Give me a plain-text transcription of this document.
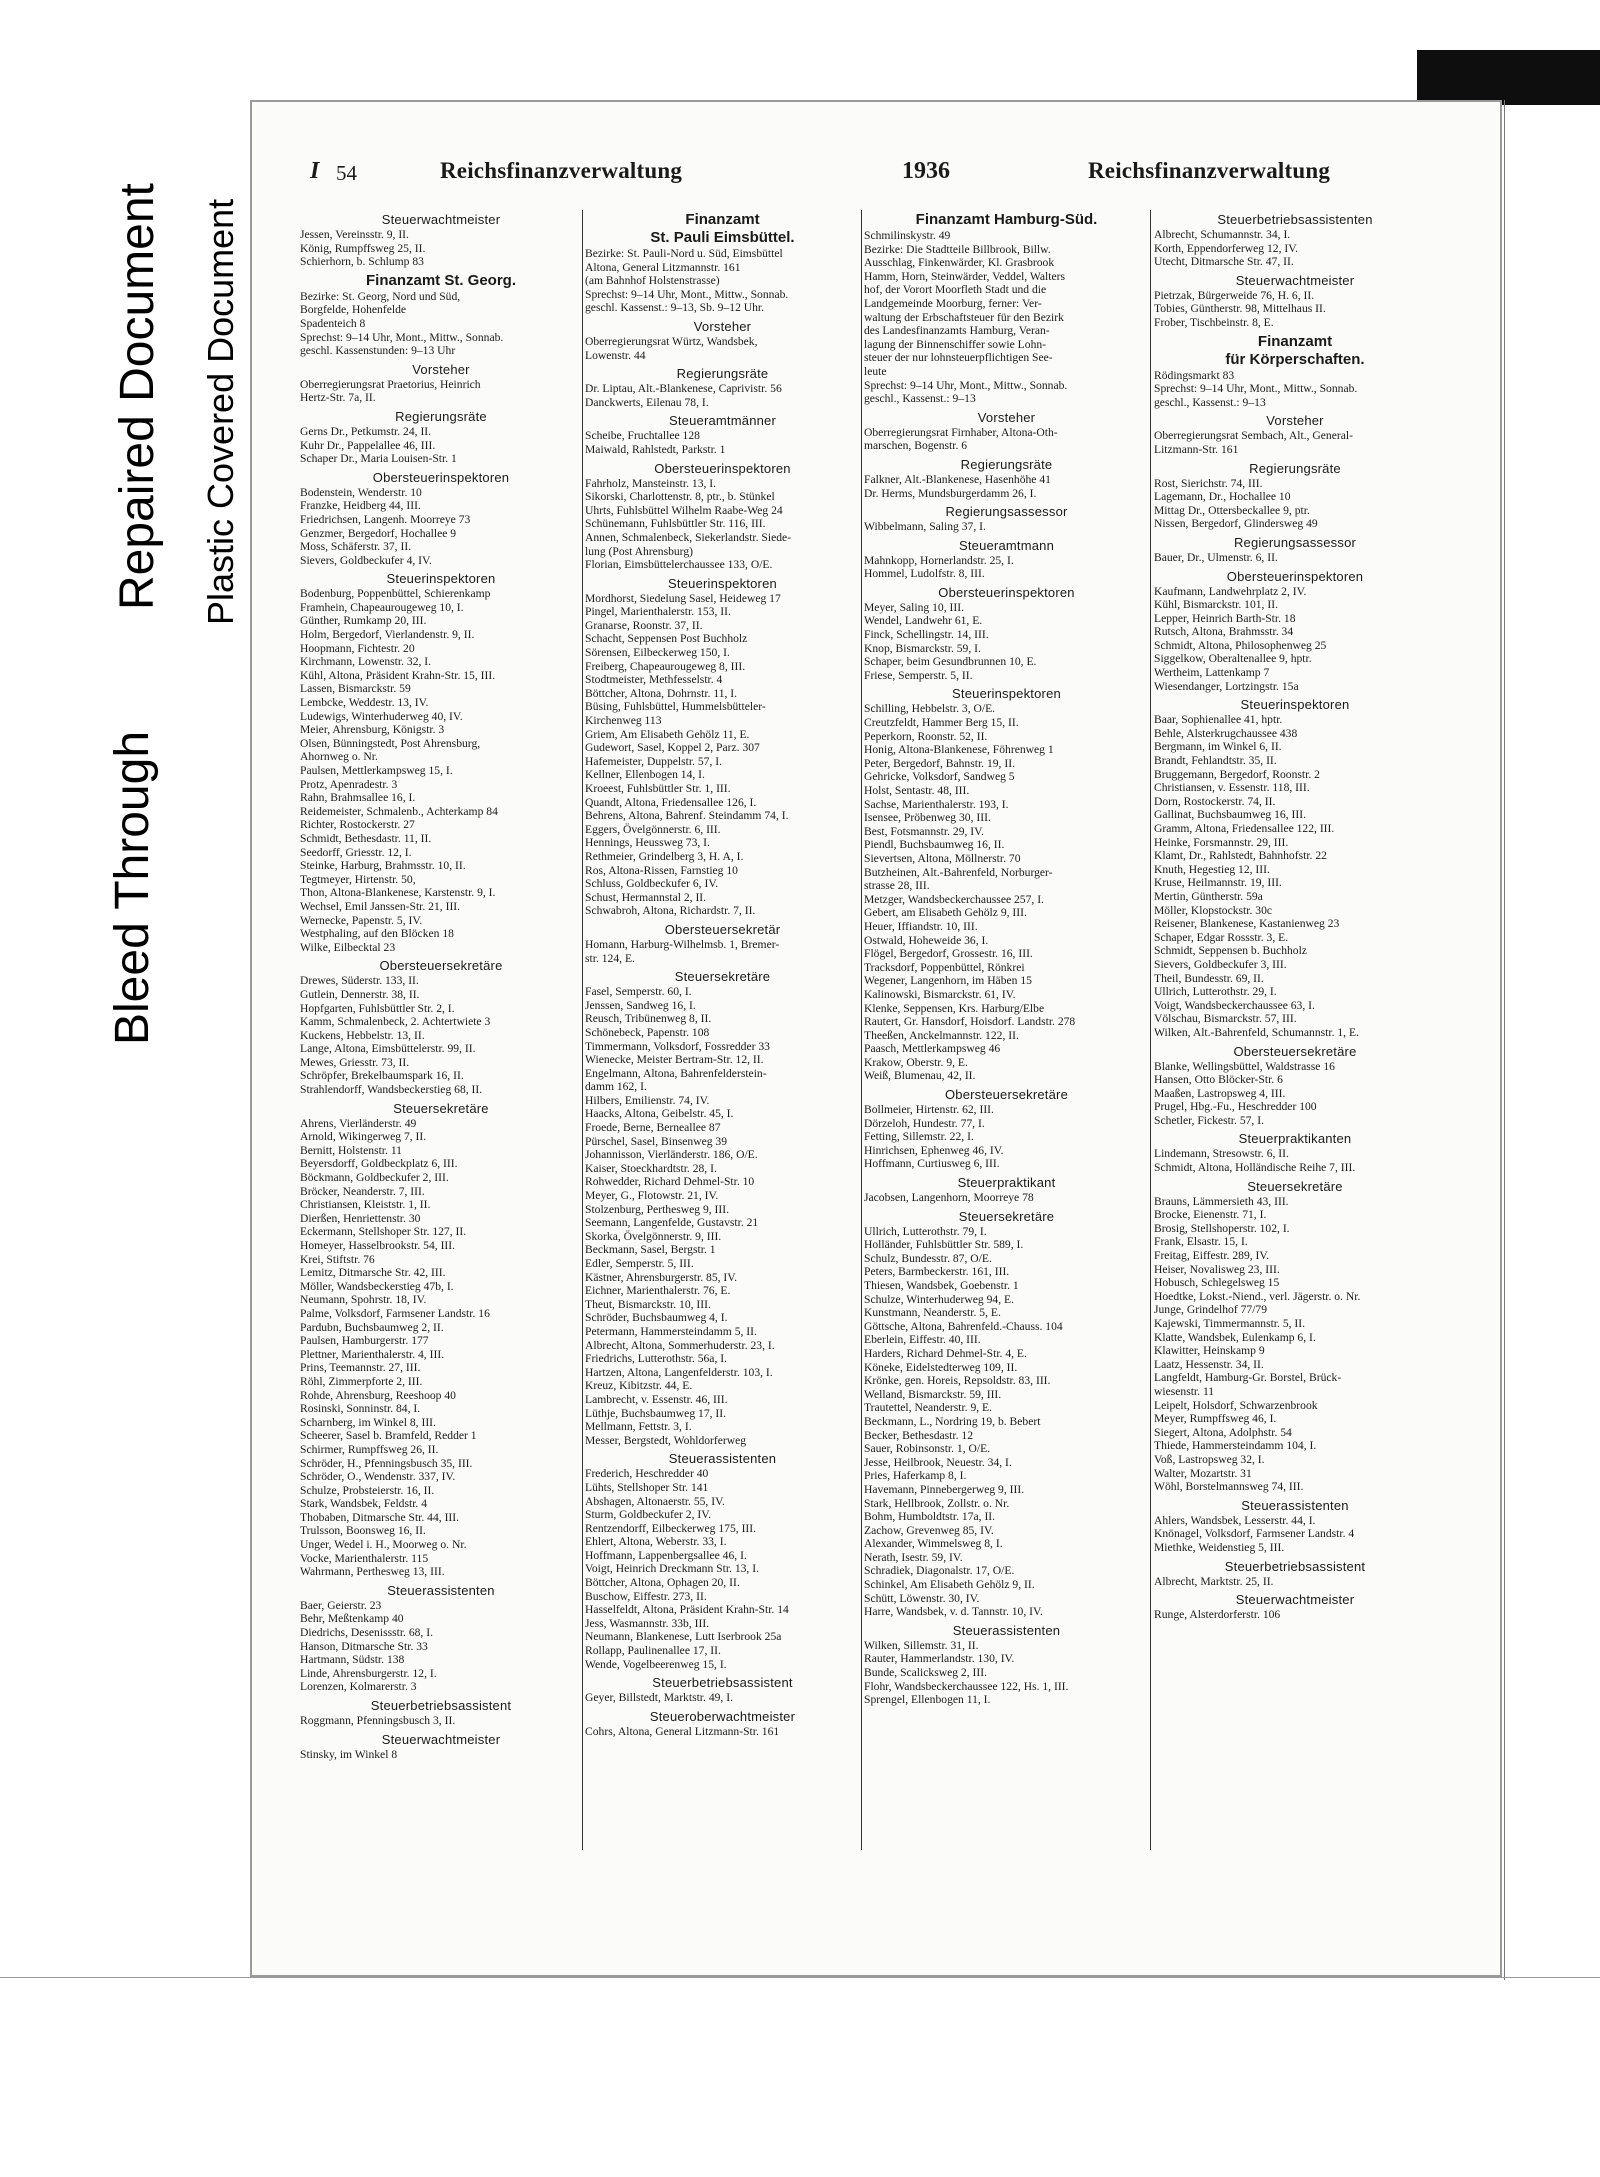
Bleed Through
Repaired Document Plastic Covered Document
I 54	Reichsfinanzverwaltung	1936	Reichsfinanzverwaltung
Steuerwachtmeister
Jessen, Vereinsstr. 9, II.
König, Rumpffsweg 25, II.
Schierhorn, b. Schlump 83
Finanzamt St. Georg.
Bezirke: St. Georg, Nord und Süd,
Borgfelde, Hohenfelde
Spadenteich 8
Sprechst: 9–14 Uhr, Mont., Mittw., Sonnab.
geschl. Kassenstunden: 9–13 Uhr
Vorsteher
Oberregierungsrat Praetorius, Heinrich
Hertz-Str. 7a, II.
Regierungsräte
Gerns Dr., Petkumstr. 24, II.
Kuhr Dr., Pappelallee 46, III.
Schaper Dr., Maria Louisen-Str. 1
Obersteuerinspektoren
Bodenstein, Wenderstr. 10
Franzke, Heidberg 44, III.
Friedrichsen, Langenh. Moorreye 73
Genzmer, Bergedorf, Hochallee 9
Moss, Schäferstr. 37, II.
Sievers, Goldbeckufer 4, IV.
Steuerinspektoren
Bodenburg, Poppenbüttel, Schierenkamp
Framhein, Chapeaurougeweg 10, I.
Günther, Rumkamp 20, III.
Holm, Bergedorf, Vierlandenstr. 9, II.
Hoopmann, Fichtestr. 20
Kirchmann, Lowenstr. 32, I.
Kühl, Altona, Präsident Krahn-Str. 15, III.
Lassen, Bismarckstr. 59
Lembcke, Weddestr. 13, IV.
Ludewigs, Winterhuderweg 40, IV.
Meier, Ahrensburg, Königstr. 3
Olsen, Bünningstedt, Post Ahrensburg,
Ahornweg o. Nr.
Paulsen, Mettlerkampsweg 15, I.
Protz, Apenradestr. 3
Rahn, Brahmsallee 16, I.
Reidemeister, Schmalenb., Achterkamp 84
Richter, Rostockerstr. 27
Schmidt, Bethesdastr. 11, II.
Seedorff, Griesstr. 12, I.
Steinke, Harburg, Brahmsstr. 10, II.
Tegtmeyer, Hirtenstr. 50,
Thon, Altona-Blankenese, Karstenstr. 9, I.
Wechsel, Emil Janssen-Str. 21, III.
Wernecke, Papenstr. 5, IV.
Westphaling, auf den Blöcken 18
Wilke, Eilbecktal 23
Obersteuersekretäre
Drewes, Süderstr. 133, II.
Gutlein, Dennerstr. 38, II.
Hopfgarten, Fuhlsbüttler Str. 2, I.
Kamm, Schmalenbeck, 2. Achtertwiete 3
Kuckens, Hebbelstr. 13, II.
Lange, Altona, Eimsbüttelerstr. 99, II.
Mewes, Griesstr. 73, II.
Schröpfer, Brekelbaumspark 16, II.
Strahlendorff, Wandsbeckerstieg 68, II.
Steuersekretäre
Ahrens, Vierländerstr. 49
Arnold, Wikingerweg 7, II.
Bernitt, Holstenstr. 11
Beyersdorff, Goldbeckplatz 6, III.
Böckmann, Goldbeckufer 2, III.
Bröcker, Neanderstr. 7, III.
Christiansen, Kleiststr. 1, II.
Dierßen, Henriettenstr. 30
Eckermann, Stellshoper Str. 127, II.
Homeyer, Hasselbrookstr. 54, III.
Krei, Stiftstr. 76
Lemitz, Ditmarsche Str. 42, III.
Möller, Wandsbeckerstieg 47b, I.
Neumann, Spohrstr. 18, IV.
Palme, Volksdorf, Farmsener Landstr. 16
Pardubn, Buchsbaumweg 2, II.
Paulsen, Hamburgerstr. 177
Plettner, Marienthalerstr. 4, III.
Prins, Teemannstr. 27, III.
Röhl, Zimmerpforte 2, III.
Rohde, Ahrensburg, Reeshoop 40
Rosinski, Sonninstr. 84, I.
Scharnberg, im Winkel 8, III.
Scheerer, Sasel b. Bramfeld, Redder 1
Schirmer, Rumpffsweg 26, II.
Schröder, H., Pfenningsbusch 35, III.
Schröder, O., Wendenstr. 337, IV.
Schulze, Probsteierstr. 16, II.
Stark, Wandsbek, Feldstr. 4
Thobaben, Ditmarsche Str. 44, III.
Trulsson, Boonsweg 16, II.
Unger, Wedel i. H., Moorweg o. Nr.
Vocke, Marienthalerstr. 115
Wahrmann, Perthesweg 13, III.
Steuerassistenten
Baer, Geierstr. 23
Behr, Meßtenkamp 40
Diedrichs, Desenissstr. 68, I.
Hanson, Ditmarsche Str. 33
Hartmann, Südstr. 138
Linde, Ahrensburgerstr. 12, I.
Lorenzen, Kolmarerstr. 3
Steuerbetriebsassistent
Roggmann, Pfenningsbusch 3, II.
Steuerwachtmeister
Stinsky, im Winkel 8
Finanzamt
St. Pauli Eimsbüttel.
Bezirke: St. Pauli-Nord u. Süd, Eimsbüttel
Altona, General Litzmannstr. 161
(am Bahnhof Holstenstrasse)
Sprechst: 9–14 Uhr, Mont., Mittw., Sonnab.
geschl. Kassenst.: 9–13, Sb. 9–12 Uhr.
Vorsteher
Oberregierungsrat Würtz, Wandsbek,
Lowenstr. 44
Regierungsräte
Dr. Liptau, Alt.-Blankenese, Caprivistr. 56
Danckwerts, Eilenau 78, I.
Steueramtmänner
Scheibe, Fruchtallee 128
Maiwald, Rahlstedt, Parkstr. 1
Obersteuerinspektoren
Fahrholz, Mansteinstr. 13, I.
Sikorski, Charlottenstr. 8, ptr., b. Stünkel
Uhrts, Fuhlsbüttel Wilhelm Raabe-Weg 24
Schünemann, Fuhlsbüttler Str. 116, III.
Annen, Schmalenbeck, Siekerlandstr. Siede-
lung (Post Ahrensburg)
Florian, Eimsbüttelerchaussee 133, O/E.
Steuerinspektoren
Mordhorst, Siedelung Sasel, Heideweg 17
Pingel, Marienthalerstr. 153, II.
Granarse, Roonstr. 37, II.
Schacht, Seppensen Post Buchholz
Sörensen, Eilbeckerweg 150, I.
Freiberg, Chapeaurougeweg 8, III.
Stodtmeister, Methfesselstr. 4
Böttcher, Altona, Dohrnstr. 11, I.
Büsing, Fuhlsbüttel, Hummelsbütteler-
Kirchenweg 113
Griem, Am Elisabeth Gehölz 11, E.
Gudewort, Sasel, Koppel 2, Parz. 307
Hafemeister, Duppelstr. 57, I.
Kellner, Ellenbogen 14, I.
Kroeest, Fuhlsbüttler Str. 1, III.
Quandt, Altona, Friedensallee 126, I.
Behrens, Altona, Bahrenf. Steindamm 74, I.
Eggers, Övelgönnerstr. 6, III.
Hennings, Heussweg 73, I.
Rethmeier, Grindelberg 3, H. A, I.
Ros, Altona-Rissen, Farnstieg 10
Schluss, Goldbeckufer 6, IV.
Schust, Hermannstal 2, II.
Schwabroh, Altona, Richardstr. 7, II.
Obersteuersekretär
Homann, Harburg-Wilhelmsb. 1, Bremer-
str. 124, E.
Steuersekretäre
Fasel, Semperstr. 60, I.
Jenssen, Sandweg 16, I.
Reusch, Tribünenweg 8, II.
Schönebeck, Papenstr. 108
Timmermann, Volksdorf, Fossredder 33
Wienecke, Meister Bertram-Str. 12, II.
Engelmann, Altona, Bahrenfelderstein-
damm 162, I.
Hilbers, Emilienstr. 74, IV.
Haacks, Altona, Geibelstr. 45, I.
Froede, Berne, Berneallee 87
Pürschel, Sasel, Binsenweg 39
Johannisson, Vierländerstr. 186, O/E.
Kaiser, Stoeckhardtstr. 28, I.
Rohwedder, Richard Dehmel-Str. 10
Meyer, G., Flotowstr. 21, IV.
Stolzenburg, Perthesweg 9, III.
Seemann, Langenfelde, Gustavstr. 21
Skorka, Övelgönnerstr. 9, III.
Beckmann, Sasel, Bergstr. 1
Edler, Semperstr. 5, III.
Kästner, Ahrensburgerstr. 85, IV.
Eichner, Marienthalerstr. 76, E.
Theut, Bismarckstr. 10, III.
Schröder, Buchsbaumweg 4, I.
Petermann, Hammersteindamm 5, II.
Albrecht, Altona, Sommerhuderstr. 23, I.
Friedrichs, Lutterothstr. 56a, I.
Hartzen, Altona, Langenfelderstr. 103, I.
Kreuz, Kibitzstr. 44, E.
Lambrecht, v. Essenstr. 46, III.
Lüthje, Buchsbaumweg 17, II.
Mellmann, Fettstr. 3, I.
Messer, Bergstedt, Wohldorferweg
Steuerassistenten
Frederich, Heschredder 40
Lühts, Stellshoper Str. 141
Abshagen, Altonaerstr. 55, IV.
Sturm, Goldbeckufer 2, IV.
Rentzendorff, Eilbeckerweg 175, III.
Ehlert, Altona, Weberstr. 33, I.
Hoffmann, Lappenbergsallee 46, I.
Voigt, Heinrich Dreckmann Str. 13, I.
Böttcher, Altona, Ophagen 20, II.
Buschow, Eiffestr. 273, II.
Hasselfeldt, Altona, Präsident Krahn-Str. 14
Jess, Wasmannstr. 33b, III.
Neumann, Blankenese, Lutt Iserbrook 25a
Rollapp, Paulinenallee 17, II.
Wende, Vogelbeerenweg 15, I.
Steuerbetriebsassistent
Geyer, Billstedt, Marktstr. 49, I.
Steueroberwachtmeister
Cohrs, Altona, General Litzmann-Str. 161
Finanzamt Hamburg-Süd.
Schmilinskystr. 49
Bezirke: Die Stadtteile Billbrook, Billw.
Ausschlag, Finkenwärder, Kl. Grasbrook
Hamm, Horn, Steinwärder, Veddel, Walters
hof, der Vorort Moorfleth Stadt und die
Landgemeinde Moorburg, ferner: Ver-
waltung der Erbschaftsteuer für den Bezirk
des Landesfinanzamts Hamburg, Veran-
lagung der Binnenschiffer sowie Lohn-
steuer der nur lohnsteuerpflichtigen See-
leute
Sprechst: 9–14 Uhr, Mont., Mittw., Sonnab.
geschl., Kassenst.: 9–13
Vorsteher
Oberregierungsrat Firnhaber, Altona-Oth-
marschen, Bogenstr. 6
Regierungsräte
Falkner, Alt.-Blankenese, Hasenhöhe 41
Dr. Herms, Mundsburgerdamm 26, I.
Regierungsassessor
Wibbelmann, Saling 37, I.
Steueramtmann
Mahnkopp, Hornerlandstr. 25, I.
Hommel, Ludolfstr. 8, III.
Obersteuerinspektoren
Meyer, Saling 10, III.
Wendel, Landwehr 61, E.
Finck, Schellingstr. 14, III.
Knop, Bismarckstr. 59, I.
Schaper, beim Gesundbrunnen 10, E.
Friese, Semperstr. 5, II.
Steuerinspektoren
Schilling, Hebbelstr. 3, O/E.
Creutzfeldt, Hammer Berg 15, II.
Peperkorn, Roonstr. 52, II.
Honig, Altona-Blankenese, Föhrenweg 1
Peter, Bergedorf, Bahnstr. 19, II.
Gehricke, Volksdorf, Sandweg 5
Holst, Sentastr. 48, III.
Sachse, Marienthalerstr. 193, I.
Isensee, Pröbenweg 30, III.
Best, Fotsmannstr. 29, IV.
Piendl, Buchsbaumweg 16, II.
Sievertsen, Altona, Möllnerstr. 70
Butzheinen, Alt.-Bahrenfeld, Norburger-
strasse 28, III.
Metzger, Wandsbeckerchaussee 257, I.
Gebert, am Elisabeth Gehölz 9, III.
Heuer, Iffiandstr. 10, III.
Ostwald, Hoheweide 36, I.
Flögel, Bergedorf, Grossestr. 16, III.
Tracksdorf, Poppenbüttel, Rönkrei
Wegener, Langenhorn, im Häben 15
Kalinowski, Bismarckstr. 61, IV.
Klenke, Seppensen, Krs. Harburg/Elbe
Rautert, Gr. Hansdorf, Hoisdorf. Landstr. 278
Theeßen, Anckelmannstr. 122, II.
Paasch, Mettlerkampsweg 46
Krakow, Oberstr. 9, E.
Weiß, Blumenau, 42, II.
Obersteuersekretäre
Bollmeier, Hirtenstr. 62, III.
Dörzeloh, Hundestr. 77, I.
Fetting, Sillemstr. 22, I.
Hinrichsen, Ephenweg 46, IV.
Hoffmann, Curtiusweg 6, III.
Steuerpraktikant
Jacobsen, Langenhorn, Moorreye 78
Steuersekretäre
Ullrich, Lutterothstr. 79, I.
Holländer, Fuhlsbüttler Str. 589, I.
Schulz, Bundesstr. 87, O/E.
Peters, Barmbeckerstr. 161, III.
Thiesen, Wandsbek, Goebenstr. 1
Schulze, Winterhuderweg 94, E.
Kunstmann, Neanderstr. 5, E.
Göttsche, Altona, Bahrenfeld.-Chauss. 104
Eberlein, Eiffestr. 40, III.
Harders, Richard Dehmel-Str. 4, E.
Köneke, Eidelstedterweg 109, II.
Krönke, gen. Horeis, Repsoldstr. 83, III.
Welland, Bismarckstr. 59, III.
Trautettel, Neanderstr. 9, E.
Beckmann, L., Nordring 19, b. Bebert
Becker, Bethesdastr. 12
Sauer, Robinsonstr. 1, O/E.
Jesse, Heilbrook, Neuestr. 34, I.
Pries, Haferkamp 8, I.
Havemann, Pinnebergerweg 9, III.
Stark, Hellbrook, Zollstr. o. Nr.
Bohm, Humboldtstr. 17a, II.
Zachow, Grevenweg 85, IV.
Alexander, Wimmelsweg 8, I.
Nerath, Isestr. 59, IV.
Schradiek, Diagonalstr. 17, O/E.
Schinkel, Am Elisabeth Gehölz 9, II.
Schütt, Löwenstr. 30, IV.
Harre, Wandsbek, v. d. Tannstr. 10, IV.
Steuerassistenten
Wilken, Sillemstr. 31, II.
Rauter, Hammerlandstr. 130, IV.
Bunde, Scalicksweg 2, III.
Flohr, Wandsbeckerchaussee 122, Hs. 1, III.
Sprengel, Ellenbogen 11, I.
Steuerbetriebsassistenten
Albrecht, Schumannstr. 34, I.
Korth, Eppendorferweg 12, IV.
Utecht, Ditmarsche Str. 47, II.
Steuerwachtmeister
Pietrzak, Bürgerweide 76, H. 6, II.
Tobies, Güntherstr. 98, Mittelhaus II.
Frober, Tischbeinstr. 8, E.
Finanzamt
für Körperschaften.
Rödingsmarkt 83
Sprechst: 9–14 Uhr, Mont., Mittw., Sonnab.
geschl., Kassenst.: 9–13
Vorsteher
Oberregierungsrat Sembach, Alt., General-
Litzmann-Str. 161
Regierungsräte
Rost, Sierichstr. 74, III.
Lagemann, Dr., Hochallee 10
Mittag Dr., Ottersbeckallee 9, ptr.
Nissen, Bergedorf, Glindersweg 49
Regierungsassessor
Bauer, Dr., Ulmenstr. 6, II.
Obersteuerinspektoren
Kaufmann, Landwehrplatz 2, IV.
Kühl, Bismarckstr. 101, II.
Lepper, Heinrich Barth-Str. 18
Rutsch, Altona, Brahmsstr. 34
Schmidt, Altona, Philosophenweg 25
Siggelkow, Oberaltenallee 9, hptr.
Wertheim, Lattenkamp 7
Wiesendanger, Lortzingstr. 15a
Steuerinspektoren
Baar, Sophienallee 41, hptr.
Behle, Alsterkrugchaussee 438
Bergmann, im Winkel 6, II.
Brandt, Fehlandtstr. 35, II.
Bruggemann, Bergedorf, Roonstr. 2
Christiansen, v. Essenstr. 118, III.
Dorn, Rostockerstr. 74, II.
Gallinat, Buchsbaumweg 16, III.
Gramm, Altona, Friedensallee 122, III.
Heinke, Forsmannstr. 29, III.
Klamt, Dr., Rahlstedt, Bahnhofstr. 22
Knuth, Hegestieg 12, III.
Kruse, Heilmannstr. 19, III.
Mertin, Güntherstr. 59a
Möller, Klopstockstr. 30c
Reisener, Blankenese, Kastanienweg 23
Schaper, Edgar Rossstr. 3, E.
Schmidt, Seppensen b. Buchholz
Sievers, Goldbeckufer 3, III.
Theil, Bundesstr. 69, II.
Ullrich, Lutterothstr. 29, I.
Voigt, Wandsbeckerchaussee 63, I.
Völschau, Bismarckstr. 57, III.
Wilken, Alt.-Bahrenfeld, Schumannstr. 1, E.
Obersteuersekretäre
Blanke, Wellingsbüttel, Waldstrasse 16
Hansen, Otto Blöcker-Str. 6
Maaßen, Lastropsweg 4, III.
Prugel, Hbg.-Fu., Heschredder 100
Schetler, Fickestr. 57, I.
Steuerpraktikanten
Lindemann, Stresowstr. 6, II.
Schmidt, Altona, Holländische Reihe 7, III.
Steuersekretäre
Brauns, Lämmersieth 43, III.
Brocke, Eienenstr. 71, I.
Brosig, Stellshoperstr. 102, I.
Frank, Elsastr. 15, I.
Freitag, Eiffestr. 289, IV.
Heiser, Novalisweg 23, III.
Hobusch, Schlegelsweg 15
Hoedtke, Lokst.-Niend., verl. Jägerstr. o. Nr.
Junge, Grindelhof 77/79
Kajewski, Timmermannstr. 5, II.
Klatte, Wandsbek, Eulenkamp 6, I.
Klawitter, Heinskamp 9
Laatz, Hessenstr. 34, II.
Langfeldt, Hamburg-Gr. Borstel, Brück-
wiesenstr. 11
Leipelt, Holsdorf, Schwarzenbrook
Meyer, Rumpffsweg 46, I.
Siegert, Altona, Adolphstr. 54
Thiede, Hammersteindamm 104, I.
Voß, Lastropsweg 32, I.
Walter, Mozartstr. 31
Wöhl, Borstelmannsweg 74, III.
Steuerassistenten
Ahlers, Wandsbek, Lesserstr. 44, I.
Knönagel, Volksdorf, Farmsener Landstr. 4
Miethke, Weidenstieg 5, III.
Steuerbetriebsassistent
Albrecht, Marktstr. 25, II.
Steuerwachtmeister
Runge, Alsterdorferstr. 106
